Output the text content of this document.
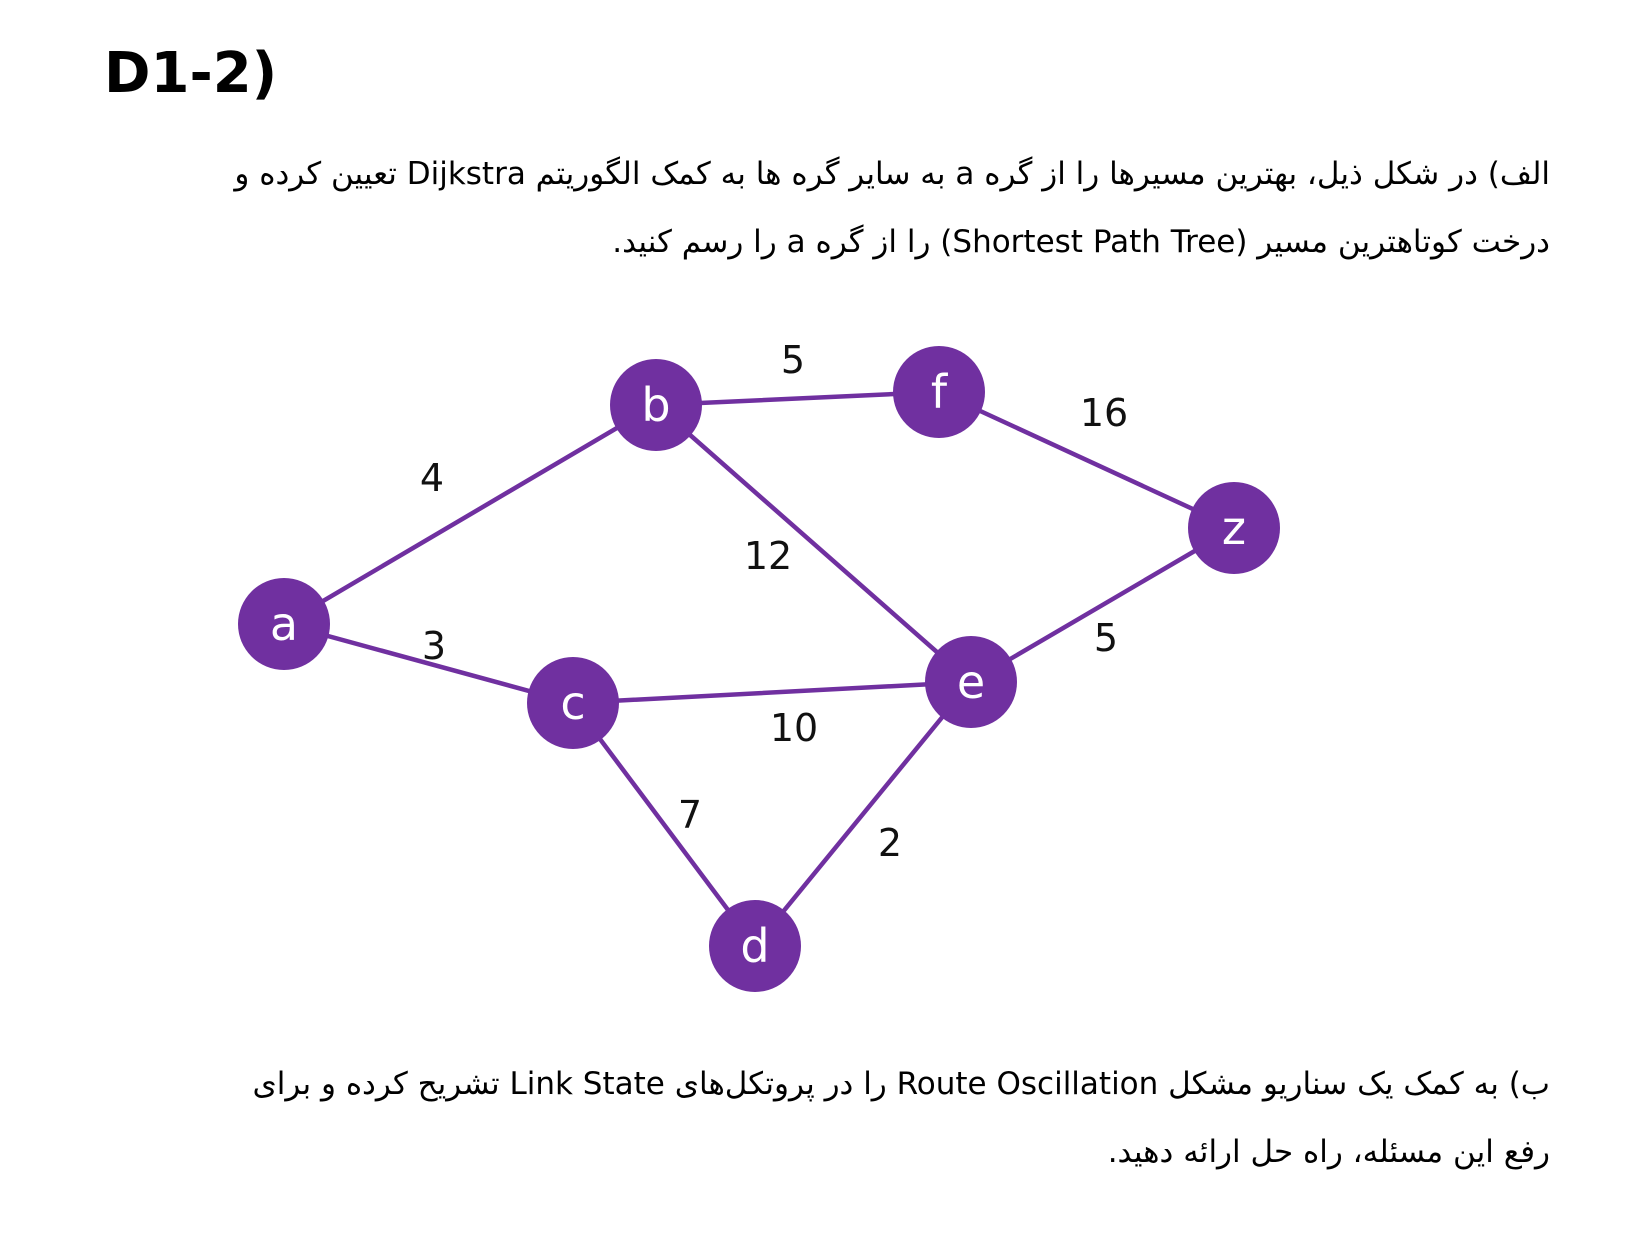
D1-2)
الف) در شکل ذیل، بهترین مسیرها را از گره a به سایر گره ها به کمک الگوریتم Dijkstra تعیین کرده و
درخت کوتاهترین مسیر (Shortest Path Tree) را از گره a را رسم کنید.
4
3
5
12
16
10
7
2
5
a
b
c
d
e
f
z
ب) به کمک یک سناریو مشکل Route Oscillation را در پروتکل‌های Link State تشریح کرده و برای
رفع این مسئله، راه حل ارائه دهید.
